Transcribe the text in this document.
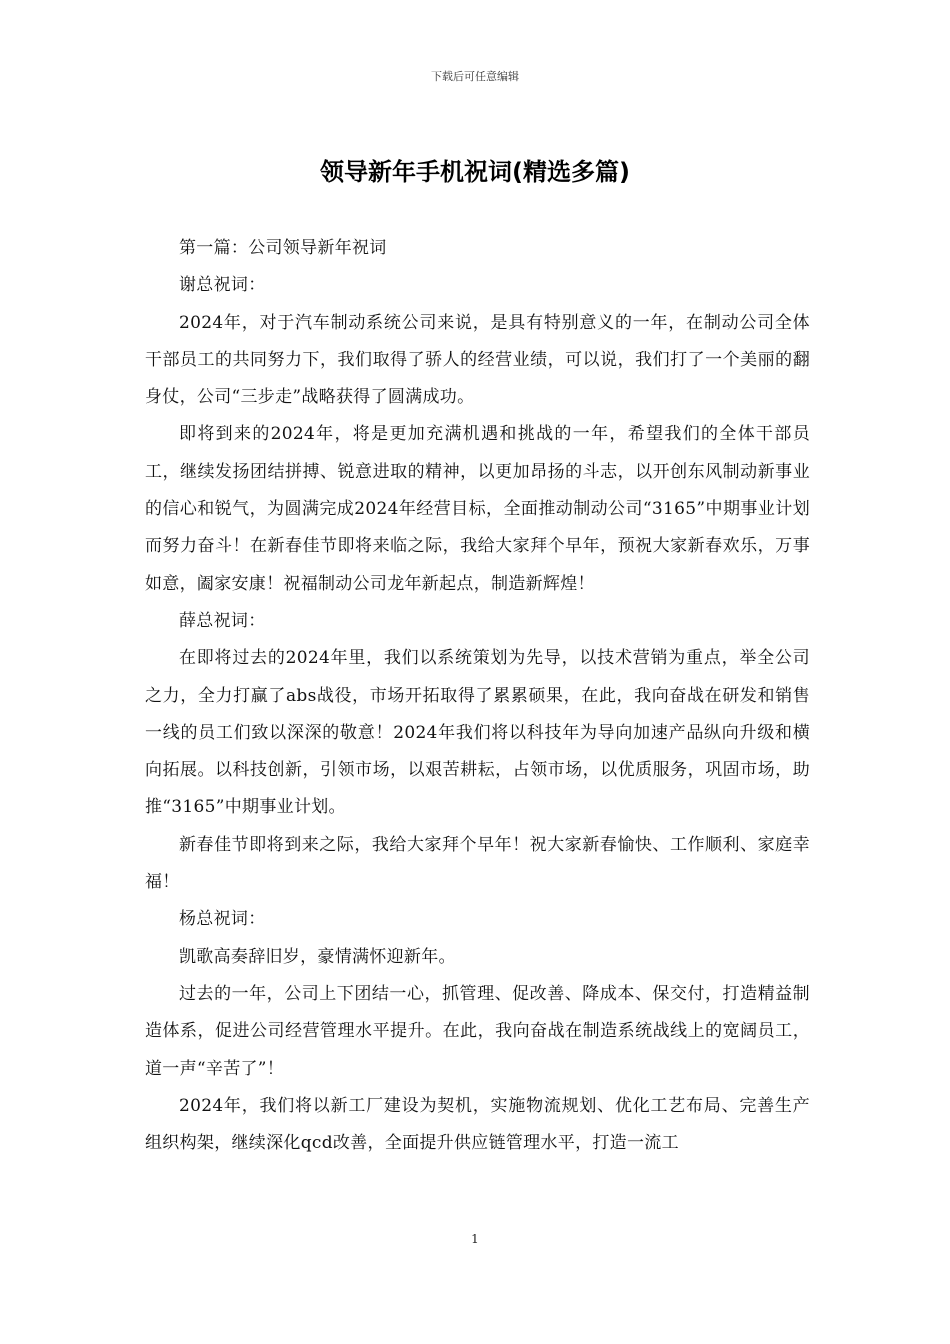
下载后可任意编辑
领导新年手机祝词(精选多篇)

第一篇：公司领导新年祝词

谢总祝词：

2024年，对于汽车制动系统公司来说，是具有特别意义的一年，在制动公司全体干部员工的共同努力下，我们取得了骄人的经营业绩，可以说，我们打了一个美丽的翻身仗，公司“三步走”战略获得了圆满成功。

即将到来的2024年，将是更加充满机遇和挑战的一年，希望我们的全体干部员工，继续发扬团结拼搏、锐意进取的精神，以更加昂扬的斗志，以开创东风制动新事业的信心和锐气，为圆满完成2024年经营目标，全面推动制动公司“3165”中期事业计划而努力奋斗！在新春佳节即将来临之际，我给大家拜个早年，预祝大家新春欢乐，万事如意，阖家安康！祝福制动公司龙年新起点，制造新辉煌！

薛总祝词：

在即将过去的2024年里，我们以系统策划为先导，以技术营销为重点，举全公司之力，全力打赢了abs战役，市场开拓取得了累累硕果，在此，我向奋战在研发和销售一线的员工们致以深深的敬意！2024年我们将以科技年为导向加速产品纵向升级和横向拓展。以科技创新，引领市场，以艰苦耕耘，占领市场，以优质服务，巩固市场，助推“3165”中期事业计划。

新春佳节即将到来之际，我给大家拜个早年！祝大家新春愉快、工作顺利、家庭幸福！

杨总祝词：

凯歌高奏辞旧岁，豪情满怀迎新年。

过去的一年，公司上下团结一心，抓管理、促改善、降成本、保交付，打造精益制造体系，促进公司经营管理水平提升。在此，我向奋战在制造系统战线上的宽阔员工，道一声“辛苦了”！

2024年，我们将以新工厂建设为契机，实施物流规划、优化工艺布局、完善生产组织构架，继续深化qcd改善，全面提升供应链管理水平，打造一流工

1
